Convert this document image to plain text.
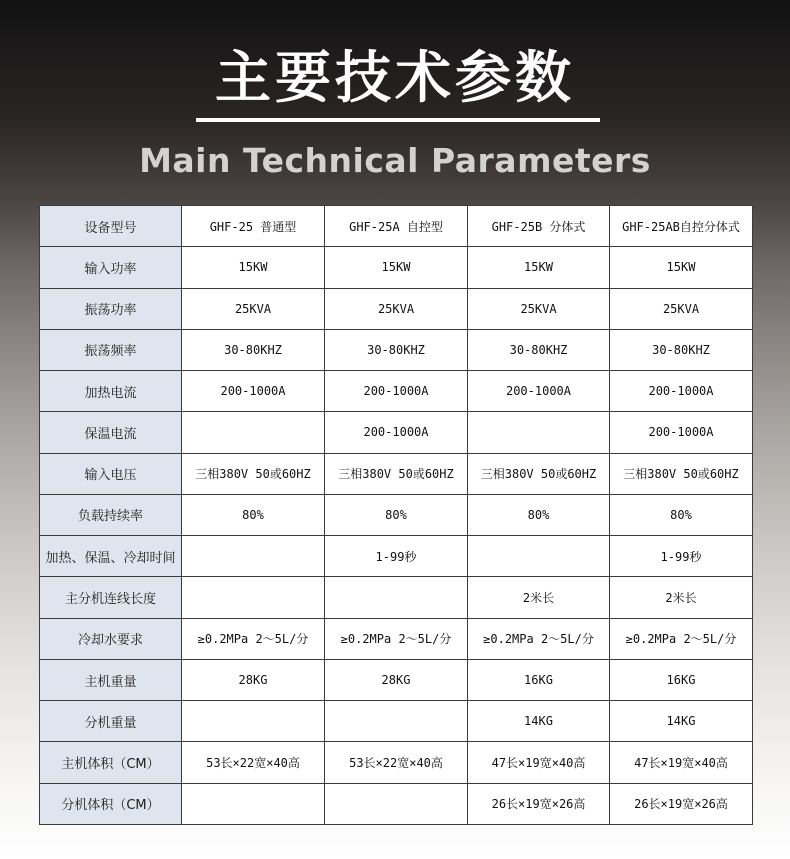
主要技术参数
Main Technical Parameters
设备型号	GHF-25 普通型	GHF-25A 自控型	GHF-25B 分体式	GHF-25AB自控分体式
输入功率	15KW	15KW	15KW	15KW
振荡功率	25KVA	25KVA	25KVA	25KVA
振荡频率	30-80KHZ	30-80KHZ	30-80KHZ	30-80KHZ
加热电流	200-1000A	200-1000A	200-1000A	200-1000A
保温电流		200-1000A		200-1000A
输入电压	三相380V 50或60HZ	三相380V 50或60HZ	三相380V 50或60HZ	三相380V 50或60HZ
负载持续率	80%	80%	80%	80%
加热、保温、冷却时间		1-99秒		1-99秒
主分机连线长度			2米长	2米长
冷却水要求	≥0.2MPa 2～5L/分	≥0.2MPa 2～5L/分	≥0.2MPa 2～5L/分	≥0.2MPa 2～5L/分
主机重量	28KG	28KG	16KG	16KG
分机重量			14KG	14KG
主机体积（CM）	53长×22宽×40高	53长×22宽×40高	47长×19宽×40高	47长×19宽×40高
分机体积（CM）			26长×19宽×26高	26长×19宽×26高
